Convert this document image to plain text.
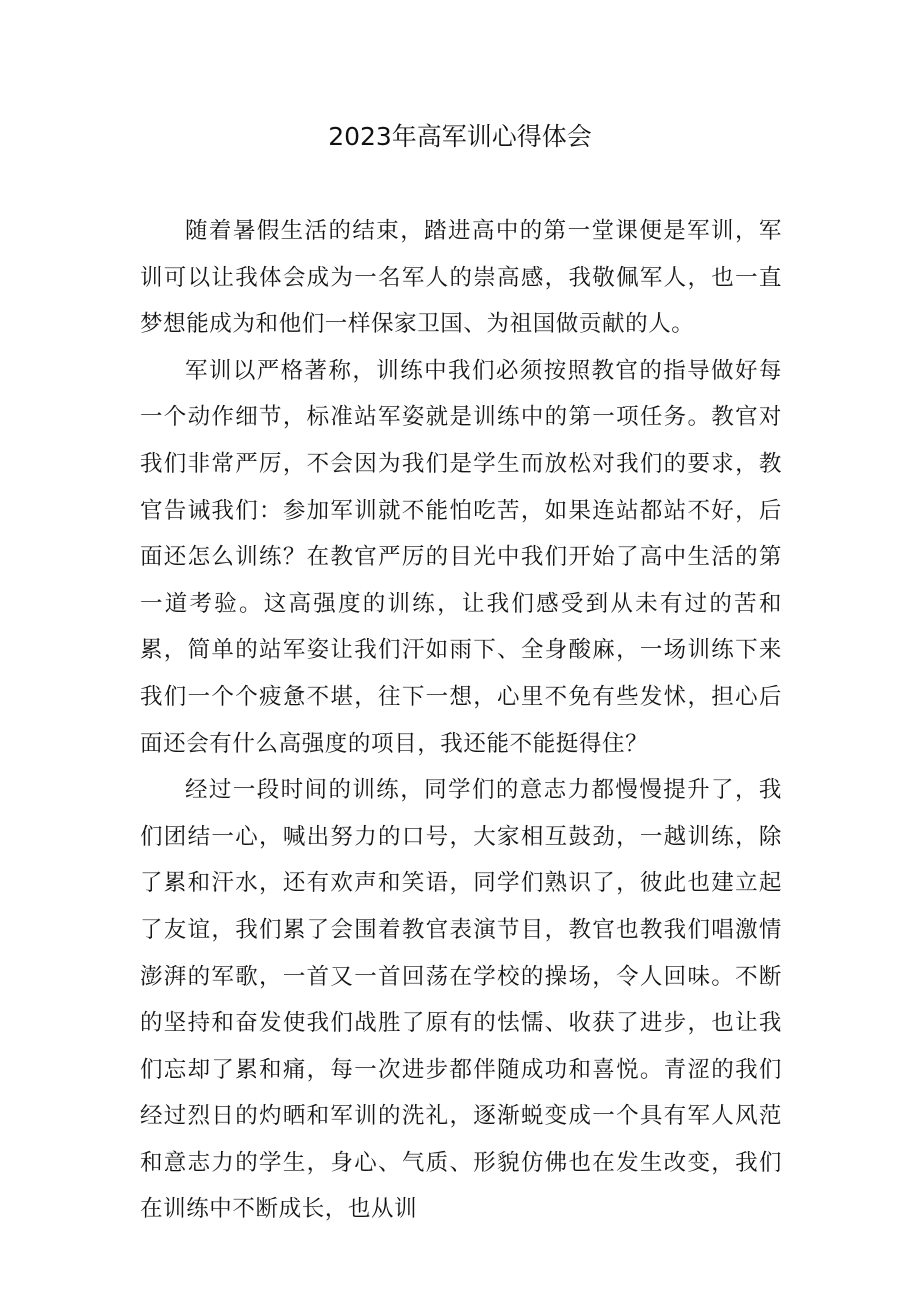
2023年高军训心得体会

随着暑假生活的结束，踏进高中的第一堂课便是军训，军训可以让我体会成为一名军人的崇高感，我敬佩军人，也一直梦想能成为和他们一样保家卫国、为祖国做贡献的人。

军训以严格著称，训练中我们必须按照教官的指导做好每一个动作细节，标准站军姿就是训练中的第一项任务。教官对我们非常严厉，不会因为我们是学生而放松对我们的要求，教官告诫我们：参加军训就不能怕吃苦，如果连站都站不好，后面还怎么训练？在教官严厉的目光中我们开始了高中生活的第一道考验。这高强度的训练，让我们感受到从未有过的苦和累，简单的站军姿让我们汗如雨下、全身酸麻，一场训练下来我们一个个疲惫不堪，往下一想，心里不免有些发怵，担心后面还会有什么高强度的项目，我还能不能挺得住？

经过一段时间的训练，同学们的意志力都慢慢提升了，我们团结一心，喊出努力的口号，大家相互鼓劲，一越训练，除了累和汗水，还有欢声和笑语，同学们熟识了，彼此也建立起了友谊，我们累了会围着教官表演节目，教官也教我们唱激情澎湃的军歌，一首又一首回荡在学校的操场，令人回味。不断的坚持和奋发使我们战胜了原有的怯懦、收获了进步，也让我们忘却了累和痛，每一次进步都伴随成功和喜悦。青涩的我们经过烈日的灼晒和军训的洗礼，逐渐蜕变成一个具有军人风范和意志力的学生，身心、气质、形貌仿佛也在发生改变，我们在训练中不断成长，也从训
